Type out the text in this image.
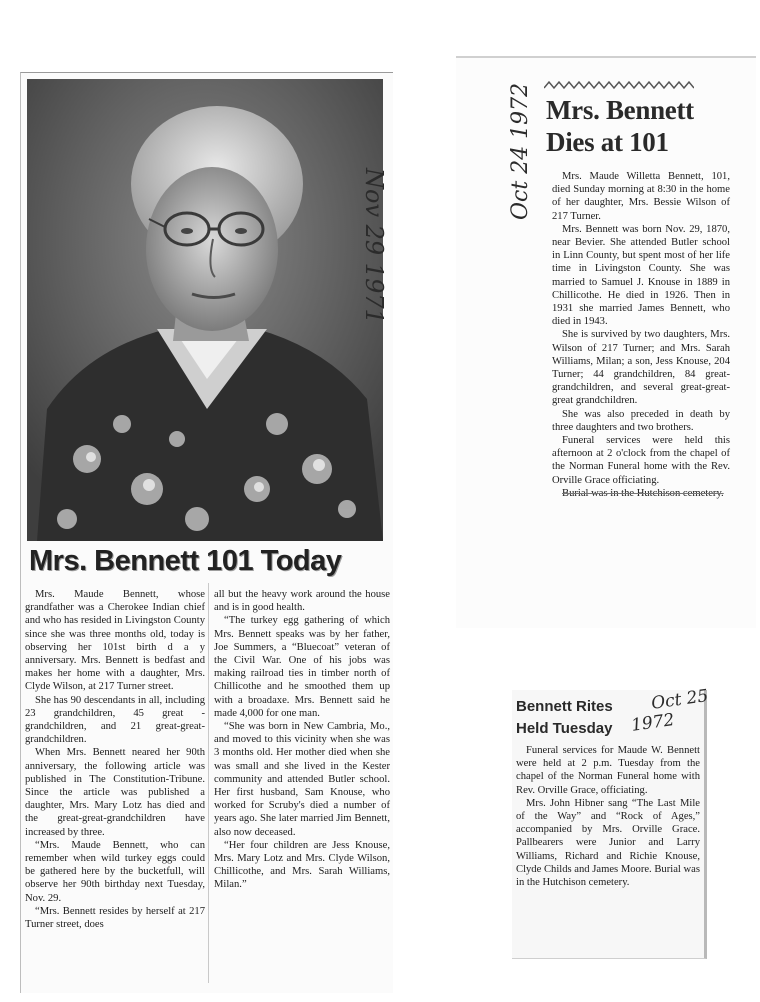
Mrs. Bennett 101 Today

Mrs. Maude Bennett, whose grandfather was a Cherokee Indian chief and who has resided in Livingston County since she was three months old, today is observing her 101st birth d a y anniversary. Mrs. Bennett is bedfast and makes her home with a daughter, Mrs. Clyde Wilson, at 217 Turner street.

She has 90 descendants in all, including 23 grandchildren, 45 great - grandchildren, and 21 great-great-grandchildren.

When Mrs. Bennett neared her 90th anniversary, the following article was published in The Constitution-Tribune. Since the article was published a daughter, Mrs. Mary Lotz has died and the great-great-grandchildren have increased by three.

“Mrs. Maude Bennett, who can remember when wild turkey eggs could be gathered here by the bucketfull, will observe her 90th birthday next Tuesday, Nov. 29.

“Mrs. Bennett resides by herself at 217 Turner street, does

all but the heavy work around the house and is in good health.

“The turkey egg gathering of which Mrs. Bennett speaks was by her father, Joe Summers, a “Bluecoat” veteran of the Civil War. One of his jobs was making railroad ties in timber north of Chillicothe and he smoothed them up with a broadaxe. Mrs. Bennett said he made 4,000 for one man.

“She was born in New Cambria, Mo., and moved to this vicinity when she was 3 months old. Her mother died when she was small and she lived in the Kester community and attended Butler school. Her first husband, Sam Knouse, who worked for Scruby's died a number of years ago. She later married Jim Bennett, also now deceased.

“Her four children are Jess Knouse, Mrs. Mary Lotz and Mrs. Clyde Wilson, Chillicothe, and Mrs. Sarah Williams, Milan.”

Nov 29 1971
Mrs. Bennett
Dies at 101

Mrs. Maude Willetta Bennett, 101, died Sunday morning at 8:30 in the home of her daughter, Mrs. Bessie Wilson of 217 Turner.

Mrs. Bennett was born Nov. 29, 1870, near Bevier. She attended Butler school in Linn County, but spent most of her life time in Livingston County. She was married to Samuel J. Knouse in 1889 in Chillicothe. He died in 1926. Then in 1931 she married James Bennett, who died in 1943.

She is survived by two daughters, Mrs. Wilson of 217 Turner; and Mrs. Sarah Williams, Milan; a son, Jess Knouse, 204 Turner; 44 grandchildren, 84 great-grandchildren, and several great-great-great grandchildren.

She was also preceded in death by three daughters and two brothers.

Funeral services were held this afternoon at 2 o'clock from the chapel of the Norman Funeral home with the Rev. Orville Grace officiating.

Burial was in the Hutchison cemetery.

Oct 24 1972
Bennett Rites
Held Tuesday

Funeral services for Maude W. Bennett were held at 2 p.m. Tuesday from the chapel of the Norman Funeral home with Rev. Orville Grace, officiating.

Mrs. John Hibner sang “The Last Mile of the Way” and “Rock of Ages,” accompanied by Mrs. Orville Grace. Pallbearers were Junior and Larry Williams, Richard and Richie Knouse, Clyde Childs and James Moore. Burial was in the Hutchison cemetery.

Oct 25
1972
